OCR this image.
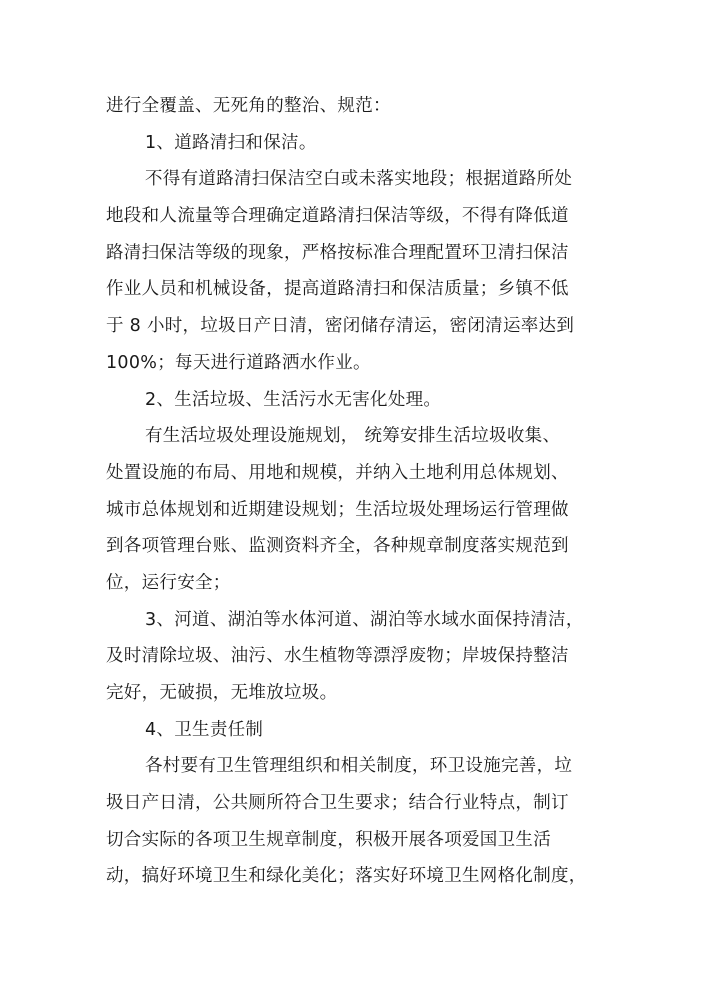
进行全覆盖、无死角的整治、规范：
1、道路清扫和保洁。
不得有道路清扫保洁空白或未落实地段；根据道路所处
地段和人流量等合理确定道路清扫保洁等级，不得有降低道
路清扫保洁等级的现象，严格按标准合理配置环卫清扫保洁
作业人员和机械设备，提高道路清扫和保洁质量；乡镇不低
于 8 小时，垃圾日产日清，密闭储存清运，密闭清运率达到
100%；每天进行道路洒水作业。
2、生活垃圾、生活污水无害化处理。
有生活垃圾处理设施规划， 统筹安排生活垃圾收集、
处置设施的布局、用地和规模，并纳入土地利用总体规划、
城市总体规划和近期建设规划；生活垃圾处理场运行管理做
到各项管理台账、监测资料齐全，各种规章制度落实规范到
位，运行安全；
3、河道、湖泊等水体河道、湖泊等水域水面保持清洁，
及时清除垃圾、油污、水生植物等漂浮废物；岸坡保持整洁
完好，无破损，无堆放垃圾。
4、卫生责任制
各村要有卫生管理组织和相关制度，环卫设施完善，垃
圾日产日清，公共厕所符合卫生要求；结合行业特点，制订
切合实际的各项卫生规章制度，积极开展各项爱国卫生活
动，搞好环境卫生和绿化美化；落实好环境卫生网格化制度，
